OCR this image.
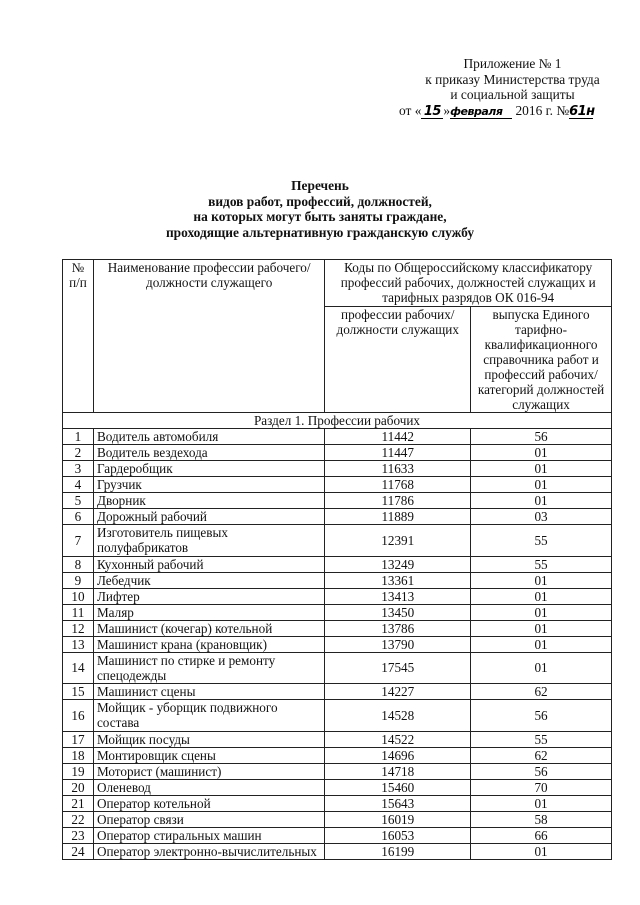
Приложение № 1
к приказу Министерства труда
и социальной защиты
от « 15 »февраля 2016 г. №61н
Перечень
видов работ, профессий, должностей,
на которых могут быть заняты граждане,
проходящие альтернативную гражданскую службу
№ п/п	Наименование профессии рабочего/должности служащего	Коды по Общероссийскому классификатору профессий рабочих, должностей служащих и тарифных разрядов ОК 016-94	
		профессии рабочих/должности служащих	выпуска Единого тарифно-квалификационного справочника работ и профессий рабочих/категорий должностей служащих
Раздел 1. Профессии рабочих			
1	Водитель автомобиля	11442	56
2	Водитель вездехода	11447	01
3	Гардеробщик	11633	01
4	Грузчик	11768	01
5	Дворник	11786	01
6	Дорожный рабочий	11889	03
7	Изготовитель пищевых полуфабрикатов	12391	55
8	Кухонный рабочий	13249	55
9	Лебедчик	13361	01
10	Лифтер	13413	01
11	Маляр	13450	01
12	Машинист (кочегар) котельной	13786	01
13	Машинист крана (крановщик)	13790	01
14	Машинист по стирке и ремонту спецодежды	17545	01
15	Машинист сцены	14227	62
16	Мойщик - уборщик подвижного состава	14528	56
17	Мойщик посуды	14522	55
18	Монтировщик сцены	14696	62
19	Моторист (машинист)	14718	56
20	Оленевод	15460	70
21	Оператор котельной	15643	01
22	Оператор связи	16019	58
23	Оператор стиральных машин	16053	66
24	Оператор электронно-вычислительных	16199	01
